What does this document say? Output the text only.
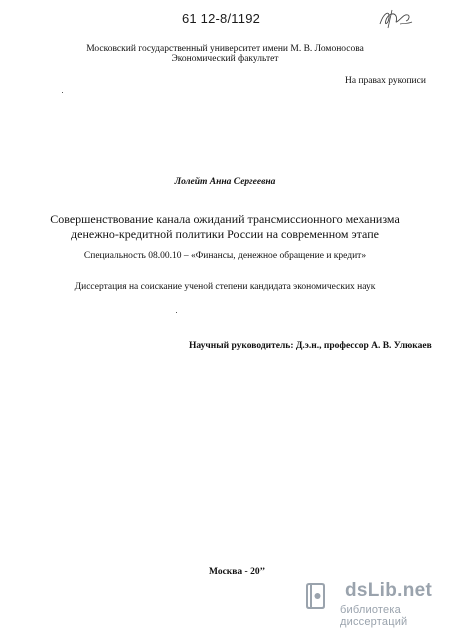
61 12-8/1192
Московский государственный университет имени М. В. Ломоносова
Экономический факультет
На правах рукописи
Лолейт Анна Сергеевна
Совершенствование канала ожиданий трансмиссионного механизма
денежно-кредитной политики России на современном этапе
Специальность 08.00.10 – «Финансы, денежное обращение и кредит»
Диссертация на соискание ученой степени кандидата экономических наук
Научный руководитель: Д.э.н., профессор А. В. Улюкаев
Москва - 20’’
dsLib.net
библиотека диссертаций
